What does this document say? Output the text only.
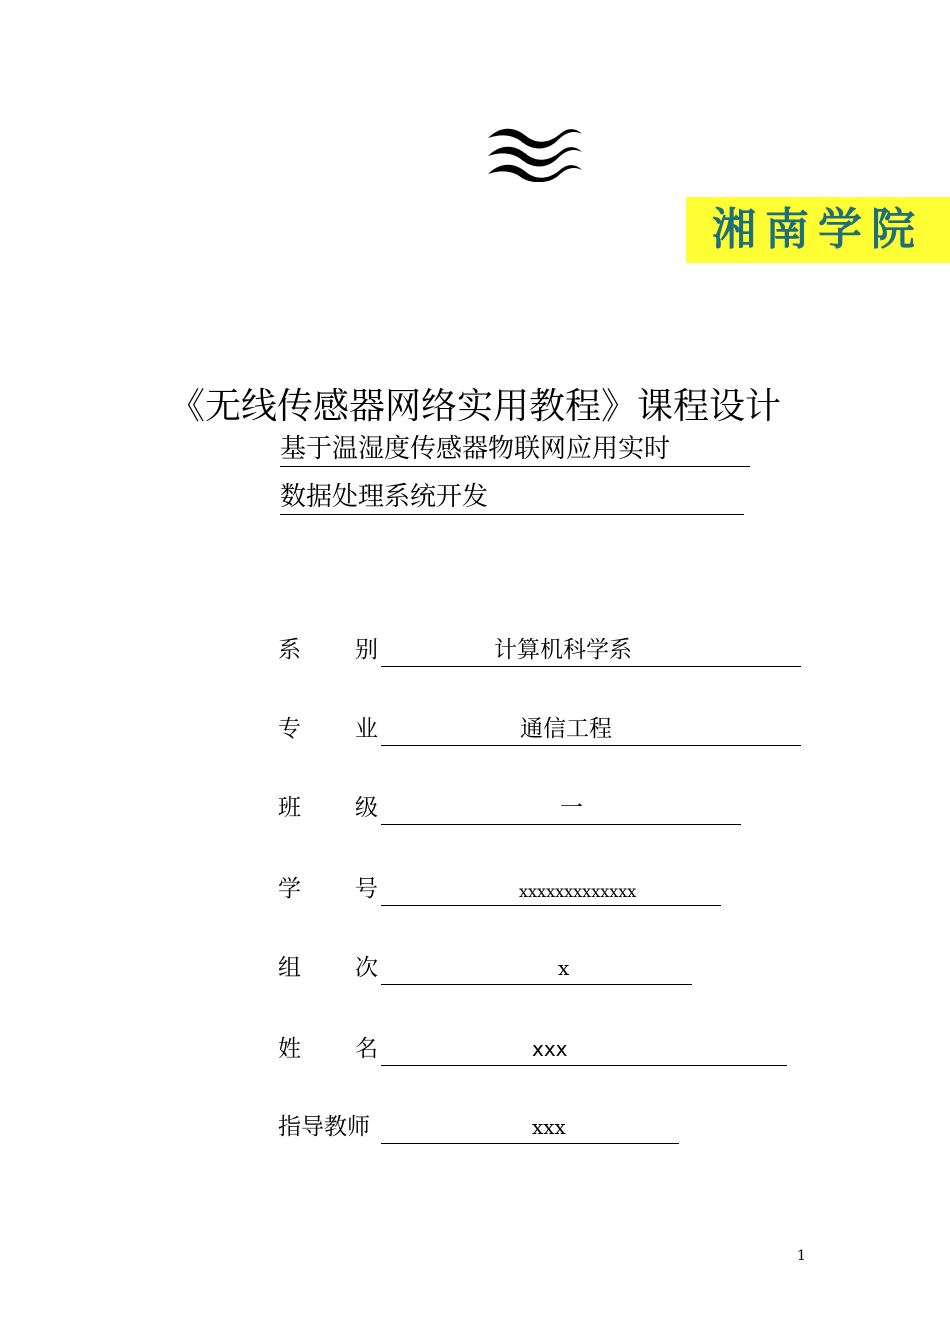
湘南学院
《无线传感器网络实用教程》课程设计
基于温湿度传感器物联网应用实时
数据处理系统开发
系 别	计算机科学系
专 业	通信工程
班 级	一
学 号	xxxxxxxxxxxxx
组 次	x
姓 名	xxx
指导教师	xxx
1
